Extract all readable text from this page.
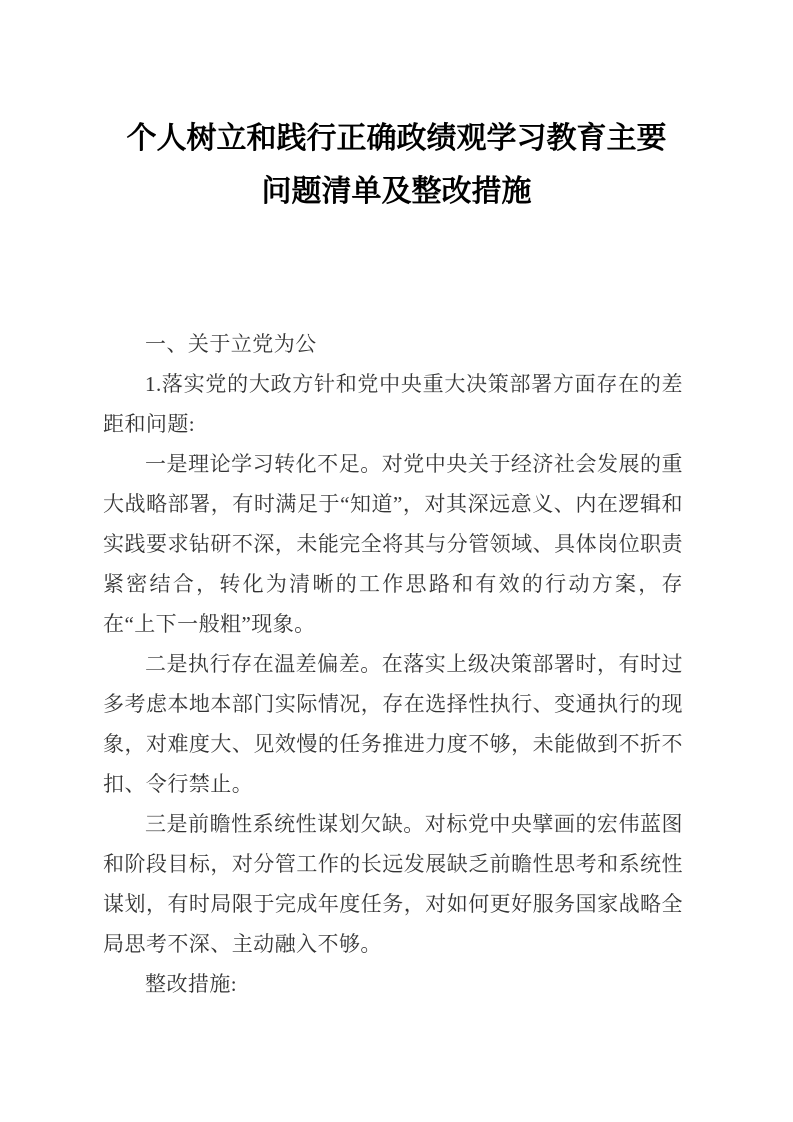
个人树立和践行正确政绩观学习教育主要
问题清单及整改措施

一、关于立党为公

1.落实党的大政方针和党中央重大决策部署方面存在的差距和问题:

一是理论学习转化不足。对党中央关于经济社会发展的重大战略部署，有时满足于“知道”，对其深远意义、内在逻辑和实践要求钻研不深，未能完全将其与分管领域、具体岗位职责紧密结合，转化为清晰的工作思路和有效的行动方案，存在“上下一般粗”现象。

二是执行存在温差偏差。在落实上级决策部署时，有时过多考虑本地本部门实际情况，存在选择性执行、变通执行的现象，对难度大、见效慢的任务推进力度不够，未能做到不折不扣、令行禁止。

三是前瞻性系统性谋划欠缺。对标党中央擘画的宏伟蓝图和阶段目标，对分管工作的长远发展缺乏前瞻性思考和系统性谋划，有时局限于完成年度任务，对如何更好服务国家战略全局思考不深、主动融入不够。

整改措施:
